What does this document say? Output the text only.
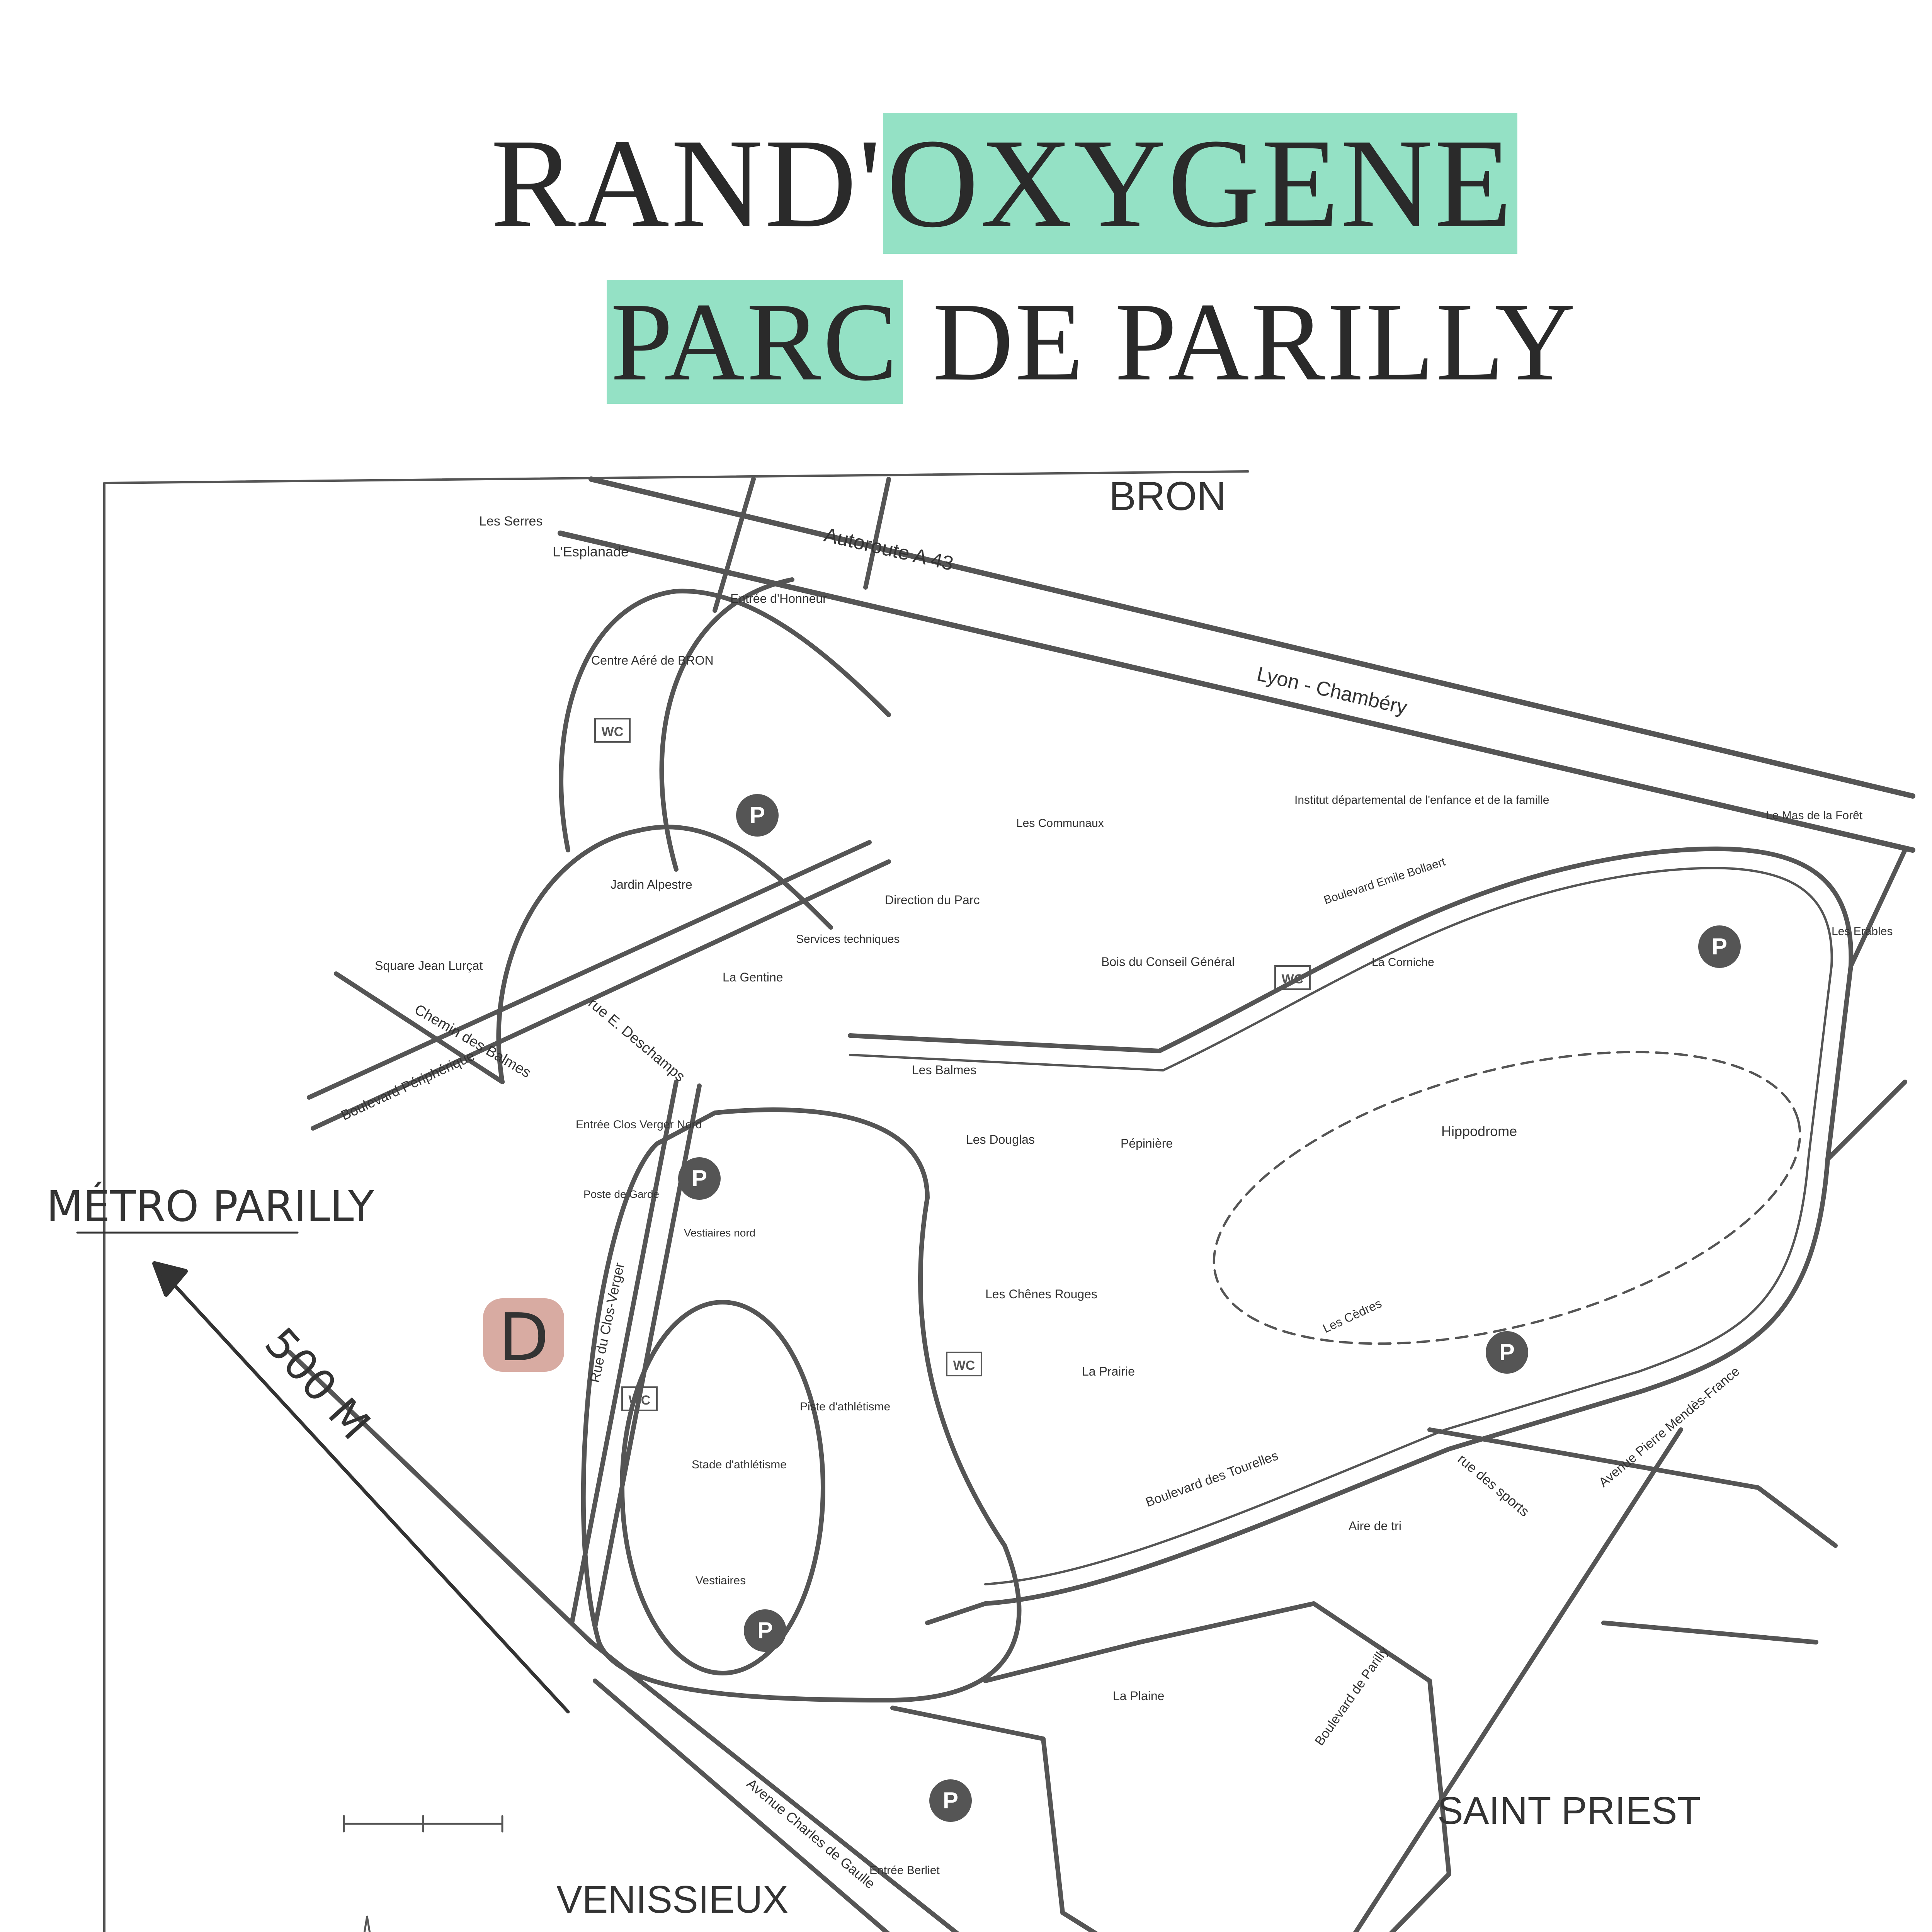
RAND'OXYGENE
PARC DE PARILLY
D
MÉTRO PARILLY
500 M
BRON
SAINT PRIEST
VENISSIEUX
Autoroute A 43
Lyon - Chambéry
Boulevard Périphérique
Chemin des Balmes	rue E. Deschamps
Rue du Clos-Verger
Avenue Charles de Gaulle
Boulevard de Parilly
Avenue Pierre Mendès-France
rue des sports
Boulevard Emile Bollaert
Boulevard des Tourelles
Les Serres
L'Esplanade
Entrée d'Honneur
Centre Aéré de BRON
Jardin Alpestre
Square Jean Lurçat
La Gentine
Services techniques
Direction du Parc
Les Communaux
Bois du Conseil Général
Institut départemental de l'enfance et de la famille
Le Mas de la Forêt
Les Erables
La Corniche
Hippodrome
Les Balmes
Les Douglas	Pépinière
Les Chênes Rouges
La Prairie
Les Cèdres
Aire de tri
La Plaine
Entrée Clos Verger Nord
Poste de Garde
Vestiaires nord
Stade d'athlétisme
Piste d'athlétisme
Vestiaires
Entrée Berliet
WC
WC
WC
WC
P
P
P
P
P
P
